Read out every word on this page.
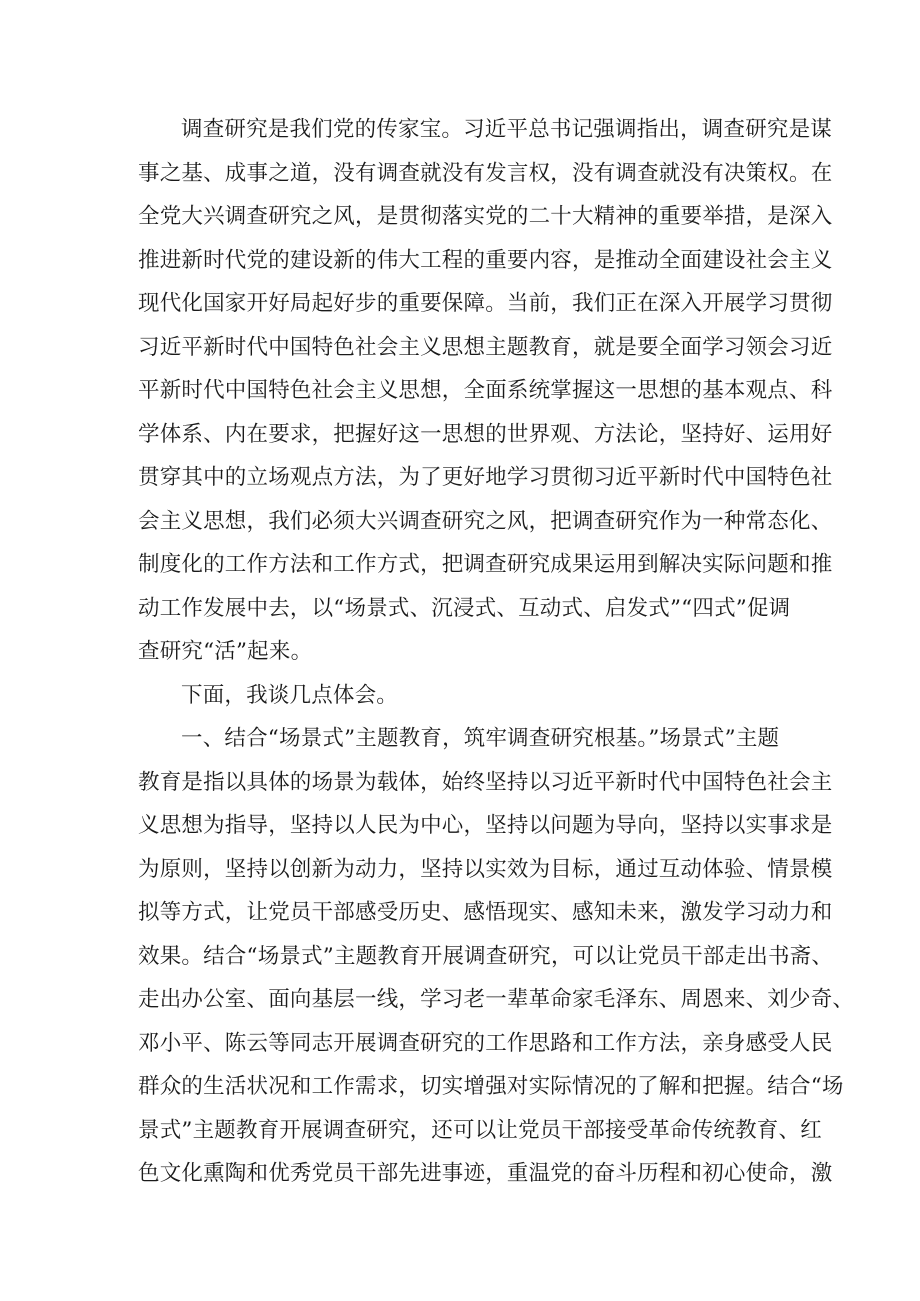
调查研究是我们党的传家宝。习近平总书记强调指出，调查研究是谋
事之基、成事之道，没有调查就没有发言权，没有调查就没有决策权。在
全党大兴调查研究之风，是贯彻落实党的二十大精神的重要举措，是深入
推进新时代党的建设新的伟大工程的重要内容，是推动全面建设社会主义
现代化国家开好局起好步的重要保障。当前，我们正在深入开展学习贯彻
习近平新时代中国特色社会主义思想主题教育，就是要全面学习领会习近
平新时代中国特色社会主义思想，全面系统掌握这一思想的基本观点、科
学体系、内在要求，把握好这一思想的世界观、方法论，坚持好、运用好
贯穿其中的立场观点方法，为了更好地学习贯彻习近平新时代中国特色社
会主义思想，我们必须大兴调查研究之风，把调查研究作为一种常态化、
制度化的工作方法和工作方式，把调查研究成果运用到解决实际问题和推
动工作发展中去，以“场景式、沉浸式、互动式、启发式”“四式”促调
查研究“活”起来。
下面，我谈几点体会。
一、结合“场景式”主题教育，筑牢调查研究根基。”场景式”主题
教育是指以具体的场景为载体，始终坚持以习近平新时代中国特色社会主
义思想为指导，坚持以人民为中心，坚持以问题为导向，坚持以实事求是
为原则，坚持以创新为动力，坚持以实效为目标，通过互动体验、情景模
拟等方式，让党员干部感受历史、感悟现实、感知未来，激发学习动力和
效果。结合“场景式”主题教育开展调查研究，可以让党员干部走出书斋、
走出办公室、面向基层一线，学习老一辈革命家毛泽东、周恩来、刘少奇、
邓小平、陈云等同志开展调查研究的工作思路和工作方法，亲身感受人民
群众的生活状况和工作需求，切实增强对实际情况的了解和把握。结合“场
景式”主题教育开展调查研究，还可以让党员干部接受革命传统教育、红
色文化熏陶和优秀党员干部先进事迹，重温党的奋斗历程和初心使命，激
